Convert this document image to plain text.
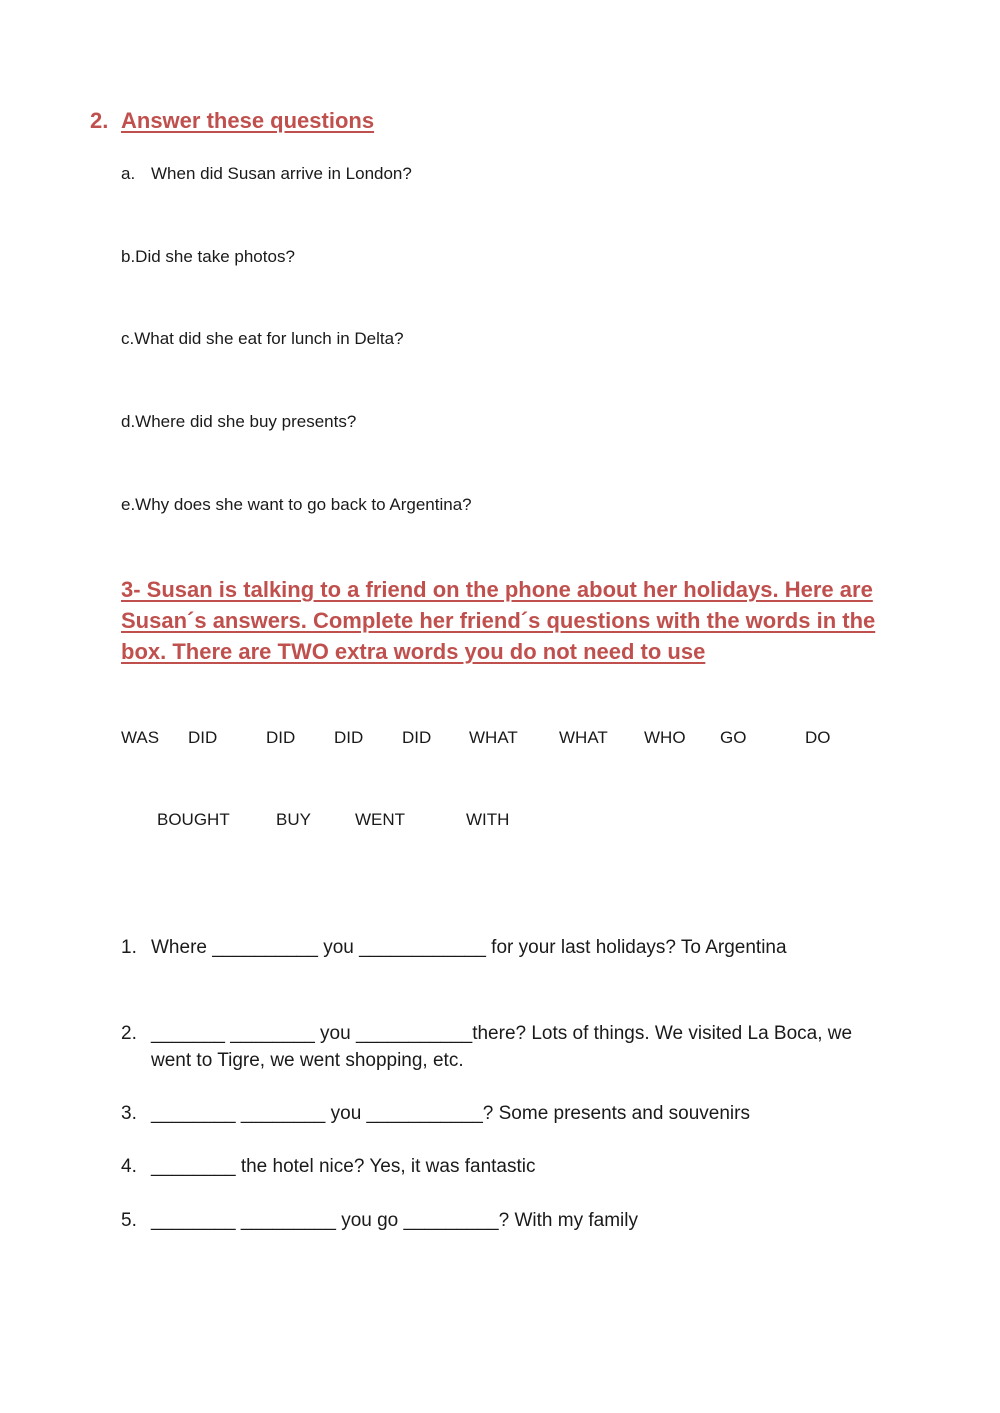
2. Answer these questions
a. When did Susan arrive in London?
b.Did she take photos?
c.What did she eat for lunch in Delta?
d.Where did she buy presents?
e.Why does she want to go back to Argentina?
3- Susan is talking to a friend on the phone about her holidays. Here are
Susan´s answers. Complete her friend´s questions with the words in the
box. There are TWO extra words you do not need to use
WAS DID	DID DID DID WHAT WHAT WHO GO	DO
BOUGHT	BUY	WENT	WITH
1. Where __________ you ____________ for your last holidays? To Argentina
2. _______ ________ you ___________there? Lots of things. We visited La Boca, we
went to Tigre, we went shopping, etc.
3. ________ ________ you ___________? Some presents and souvenirs
4. ________ the hotel nice? Yes, it was fantastic
5. ________ _________ you go _________? With my family
